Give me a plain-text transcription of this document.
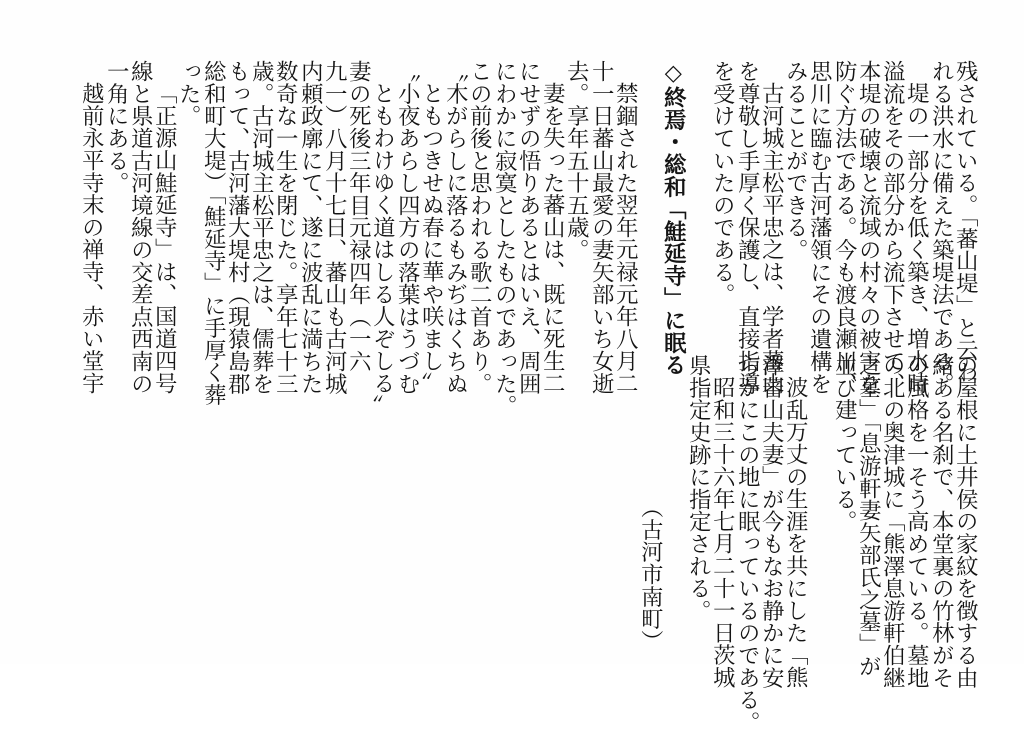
残されている。「蕃山堤」と云わ
れる洪水に備えた築堤法である。
堤の一部分を低く築き、増水時
溢流をその部分から流下させて、
本堤の破壊と流域の村々の被害を
防ぐ方法である。今も渡良瀬川、
思川に臨む古河藩領にその遺構を
みることができる。
古河城主松平忠之は、学者蕃山
を尊敬し手厚く保護し、直接指導
を受けていたのである。
◇終焉・総和「鮭延寺」に眠る
禁錮された翌年元禄元年八月二
十一日蕃山最愛の妻矢部いち女逝
去。享年五十五歳。
妻を失った蕃山は、既に死生二
にせずの悟りあるとはいえ、周囲
にわかに寂寞としたものであった。
この前後と思われる歌二首あり。
〝木がらしに落るもみぢはくちぬ
ともつきせぬ春に華や咲まし〞
〝小夜あらし四方の落葉はうづむ
ともわけゆく道はしる人ぞしる〞
妻の死後三年目元禄四年（一六
九一）八月十七日、蕃山も古河城
内頼政廓にて、遂に波乱に満ちた
数奇な一生を閉じた。享年七十三
歳。古河城主松平忠之は、儒葬を
もって、古河藩大堤村（現猿島郡
総和町大堤）「鮭延寺」に手厚く葬
った。
「正源山鮭延寺」は、国道四号
線と県道古河境線の交差点西南の
一角にある。
越前永平寺末の禅寺、赤い堂宇
の屋根に土井侯の家紋を徴する由
緒ある名刹で、本堂裏の竹林がそ
の風格を一そう高めている。墓地
の北の奥津城に「熊澤息游軒伯継
之墓」「息游軒妻矢部氏之墓」が
並び建っている。
波乱万丈の生涯を共にした「熊
澤蕃山夫妻」が今もなお静かに安
らかにこの地に眠っているのである。
昭和三十六年七月二十一日茨城
県指定史跡に指定される。
（古河市南町）
